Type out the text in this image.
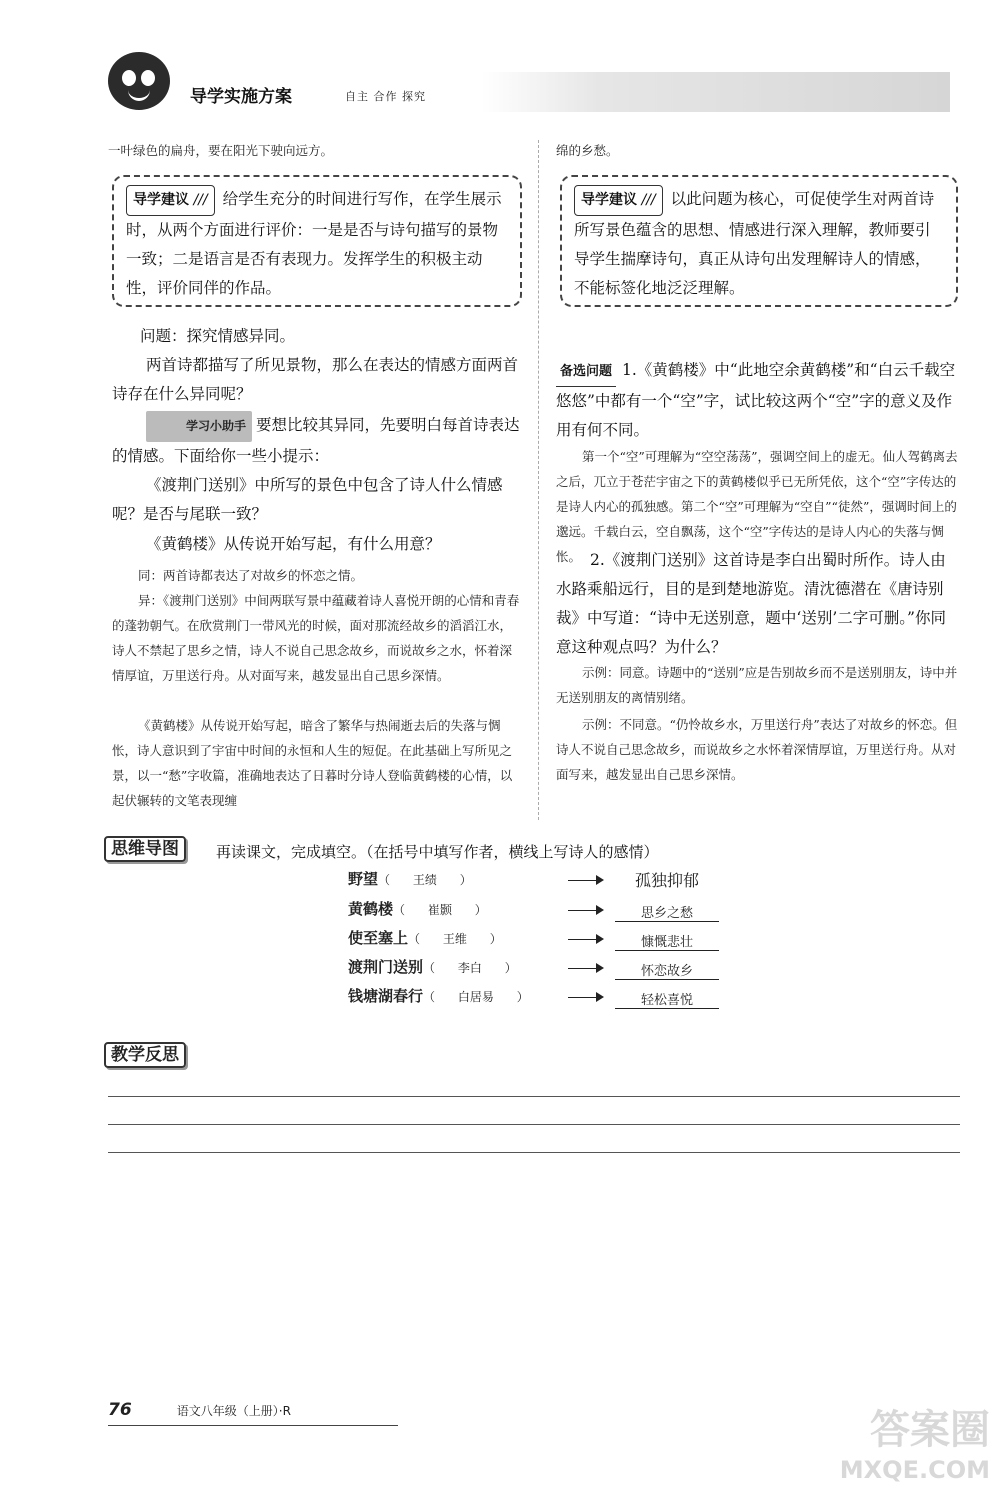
导学实施方案	自主 合作 探究
一叶绿色的扁舟，要在阳光下驶向远方。
导学建议 /// 给学生充分的时间进行写作，在学生展示时，从两个方面进行评价：一是是否与诗句描写的景物一致；二是语言是否有表现力。发挥学生的积极主动性，评价同伴的作品。
问题：探究情感异同。
两首诗都描写了所见景物，那么在表达的情感方面两首诗存在什么异同呢？
学习小助手 要想比较其异同，先要明白每首诗表达的情感。下面给你一些小提示：
《渡荆门送别》中所写的景色中包含了诗人什么情感呢？是否与尾联一致？
《黄鹤楼》从传说开始写起，有什么用意？
同：两首诗都表达了对故乡的怀恋之情。
异：《渡荆门送别》中间两联写景中蕴藏着诗人喜悦开朗的心情和青春的蓬勃朝气。在欣赏荆门一带风光的时候，面对那流经故乡的滔滔江水，诗人不禁起了思乡之情，诗人不说自己思念故乡，而说故乡之水，怀着深情厚谊，万里送行舟。从对面写来，越发显出自己思乡深情。
《黄鹤楼》从传说开始写起，暗含了繁华与热闹逝去后的失落与惆怅，诗人意识到了宇宙中时间的永恒和人生的短促。在此基础上写所见之景，以一“愁”字收篇，准确地表达了日暮时分诗人登临黄鹤楼的心情，以起伏辗转的文笔表现缠
绵的乡愁。
导学建议 /// 以此问题为核心，可促使学生对两首诗所写景色蕴含的思想、情感进行深入理解，教师要引导学生揣摩诗句，真正从诗句出发理解诗人的情感，不能标签化地泛泛理解。
备选问题 1.《黄鹤楼》中“此地空余黄鹤楼”和“白云千载空悠悠”中都有一个“空”字，试比较这两个“空”字的意义及作用有何不同。
第一个“空”可理解为“空空荡荡”，强调空间上的虚无。仙人驾鹤离去之后，兀立于苍茫宇宙之下的黄鹤楼似乎已无所凭依，这个“空”字传达的是诗人内心的孤独感。第二个“空”可理解为“空自”“徒然”，强调时间上的邈远。千载白云，空自飘荡，这个“空”字传达的是诗人内心的失落与惆怅。 2.《渡荆门送别》这首诗是李白出蜀时所作。诗人由水路乘船远行，目的是到楚地游览。清沈德潜在《唐诗别裁》中写道：“诗中无送别意，题中‘送别’二字可删。”你同意这种观点吗？为什么？
示例：同意。诗题中的“送别”应是告别故乡而不是送别朋友，诗中并无送别朋友的离情别绪。
示例：不同意。“仍怜故乡水，万里送行舟”表达了对故乡的怀恋。但诗人不说自己思念故乡，而说故乡之水怀着深情厚谊，万里送行舟。从对面写来，越发显出自己思乡深情。
思维导图	再读课文，完成填空。（在括号中填写作者，横线上写诗人的感情）
野望（      王绩      ）	孤独抑郁
黄鹤楼（      崔颢      ）	思乡之愁
使至塞上（      王维      ）	慷慨悲壮
渡荆门送别（      李白      ）	怀恋故乡
钱塘湖春行（      白居易      ）	轻松喜悦
教学反思
76	语文八年级（上册）·R	答案圈
MXQE.COM
